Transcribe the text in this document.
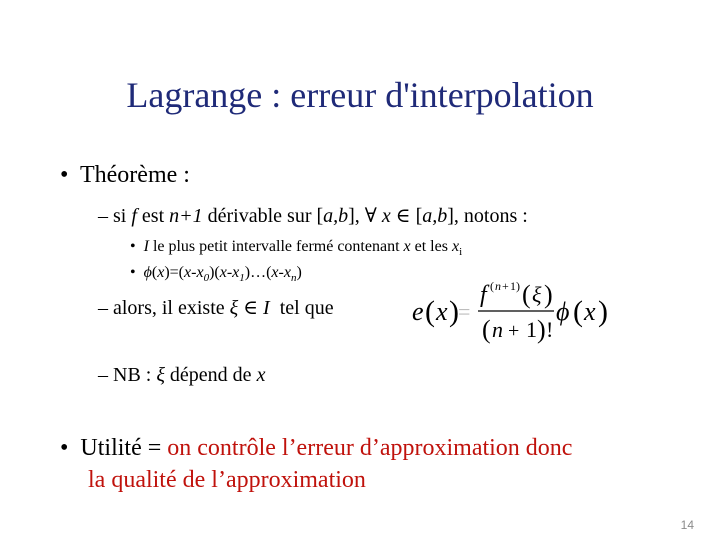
Lagrange : erreur d'interpolation
• Théorème :
– si f est n+1 dérivable sur [a,b], ∀ x ∈ [a,b], notons :
• I le plus petit intervalle fermé contenant x et les $x_i$
• $\phi(x)=(x-x_0)(x-x_1)\dots(x-x_n)$
– alors, il existe ξ ∈ I  tel que	e ( x ) =
f ( n + 1 ) ( ξ )
( n + 1 ) !
ϕ ( x )
– NB : ξ dépend de x
• Utilité = on contrôle l’erreur d’approximation donc
la qualité de l’approximation
14
